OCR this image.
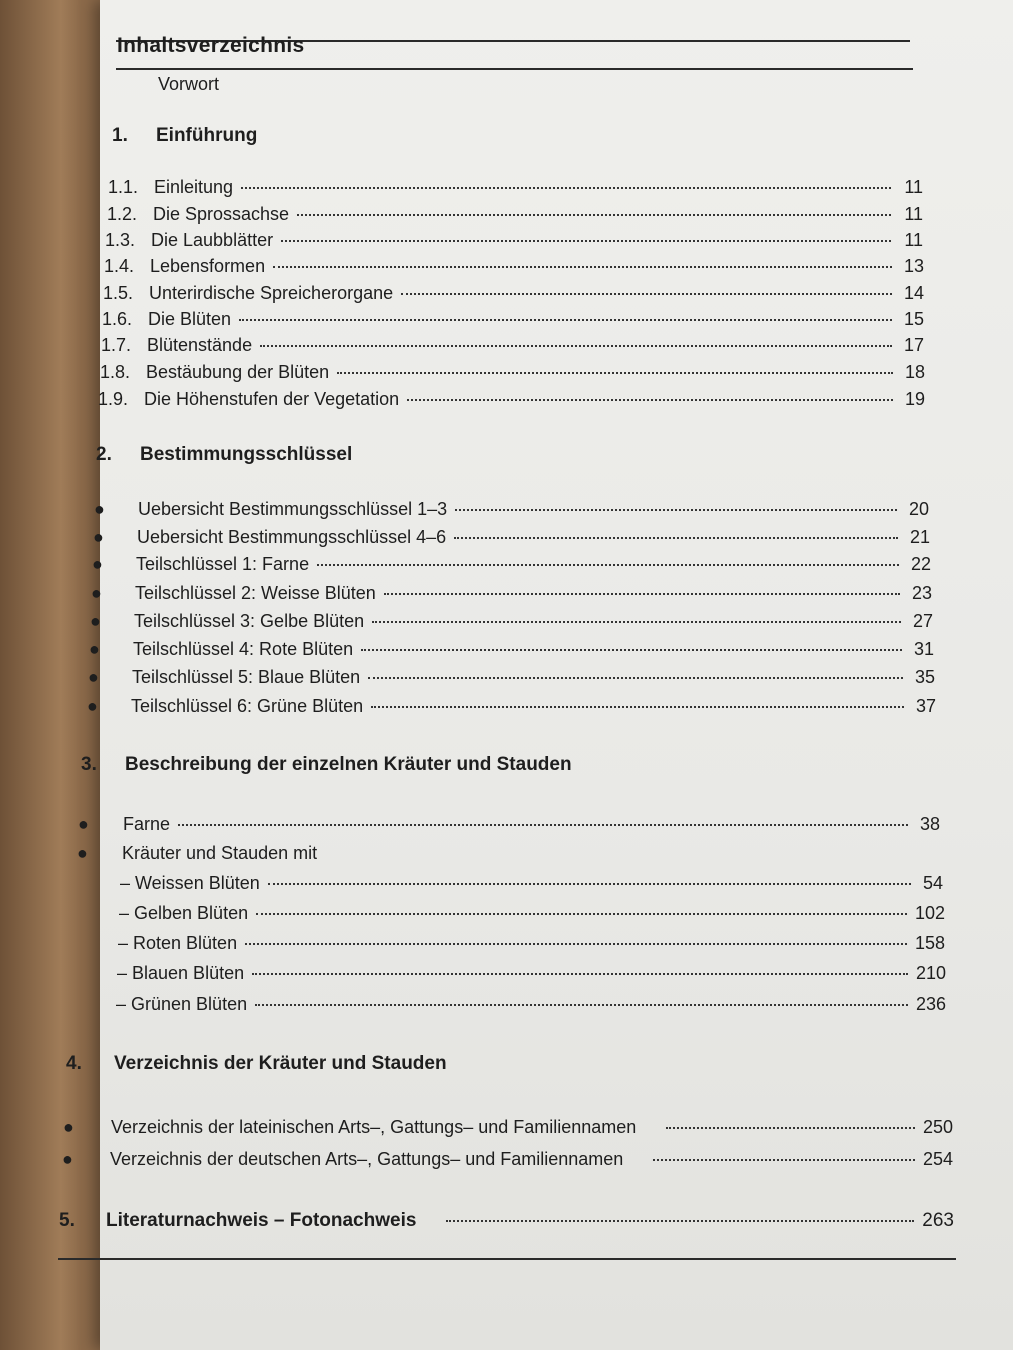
Inhaltsverzeichnis
Vorwort
1. Einführung
1.1. Einleitung	11
1.2. Die Sprossachse	11
1.3. Die Laubblätter	11
1.4. Lebensformen	13
1.5. Unterirdische Spreicherorgane	14
1.6. Die Blüten	15
1.7. Blütenstände	17
1.8. Bestäubung der Blüten	18
1.9. Die Höhenstufen der Vegetation	19
2. Bestimmungsschlüssel
●	Uebersicht Bestimmungsschlüssel 1–3	20
●	Uebersicht Bestimmungsschlüssel 4–6	21
●	Teilschlüssel 1: Farne	22
●	Teilschlüssel 2: Weisse Blüten	23
●	Teilschlüssel 3: Gelbe Blüten	27
●	Teilschlüssel 4: Rote Blüten	31
●	Teilschlüssel 5: Blaue Blüten	35
●	Teilschlüssel 6: Grüne Blüten	37
3. Beschreibung der einzelnen Kräuter und Stauden
●	Farne	38
●	Kräuter und Stauden mit
– Weissen Blüten	54
– Gelben Blüten	102
– Roten Blüten	158
– Blauen Blüten	210
– Grünen Blüten	236
4. Verzeichnis der Kräuter und Stauden
●	Verzeichnis der lateinischen Arts–, Gattungs– und Familiennamen	250
●	Verzeichnis der deutschen Arts–, Gattungs– und Familiennamen	254
5.	Literaturnachweis – Fotonachweis	263
